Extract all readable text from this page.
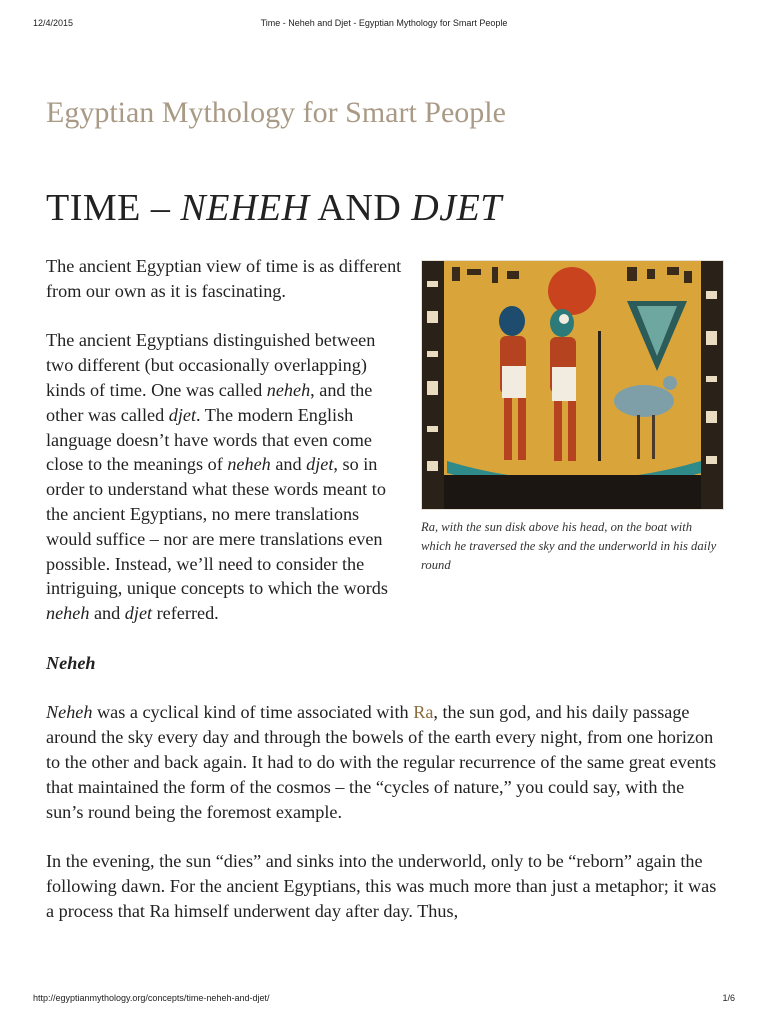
12/4/2015	Time - Neheh and Djet - Egyptian Mythology for Smart People
Egyptian Mythology for Smart People
TIME – NEHEH AND DJET
Ra, with the sun disk above his head, on the boat with which he traversed the sky and the underworld in his daily round

The ancient Egyptian view of time is as different from our own as it is fascinating.

The ancient Egyptians distinguished between two different (but occasionally overlapping) kinds of time. One was called neheh, and the other was called djet. The modern English language doesn’t have words that even come close to the meanings of neheh and djet, so in order to understand what these words meant to the ancient Egyptians, no mere translations would suffice – nor are mere translations even possible. Instead, we’ll need to consider the intriguing, unique concepts to which the words neheh and djet referred.

Neheh

Neheh was a cyclical kind of time associated with Ra, the sun god, and his daily passage around the sky every day and through the bowels of the earth every night, from one horizon to the other and back again. It had to do with the regular recurrence of the same great events that maintained the form of the cosmos – the “cycles of nature,” you could say, with the sun’s round being the foremost example.

In the evening, the sun “dies” and sinks into the underworld, only to be “reborn” again the following dawn. For the ancient Egyptians, this was much more than just a metaphor; it was a process that Ra himself underwent day after day. Thus,

http://egyptianmythology.org/concepts/time-neheh-and-djet/	1/6
